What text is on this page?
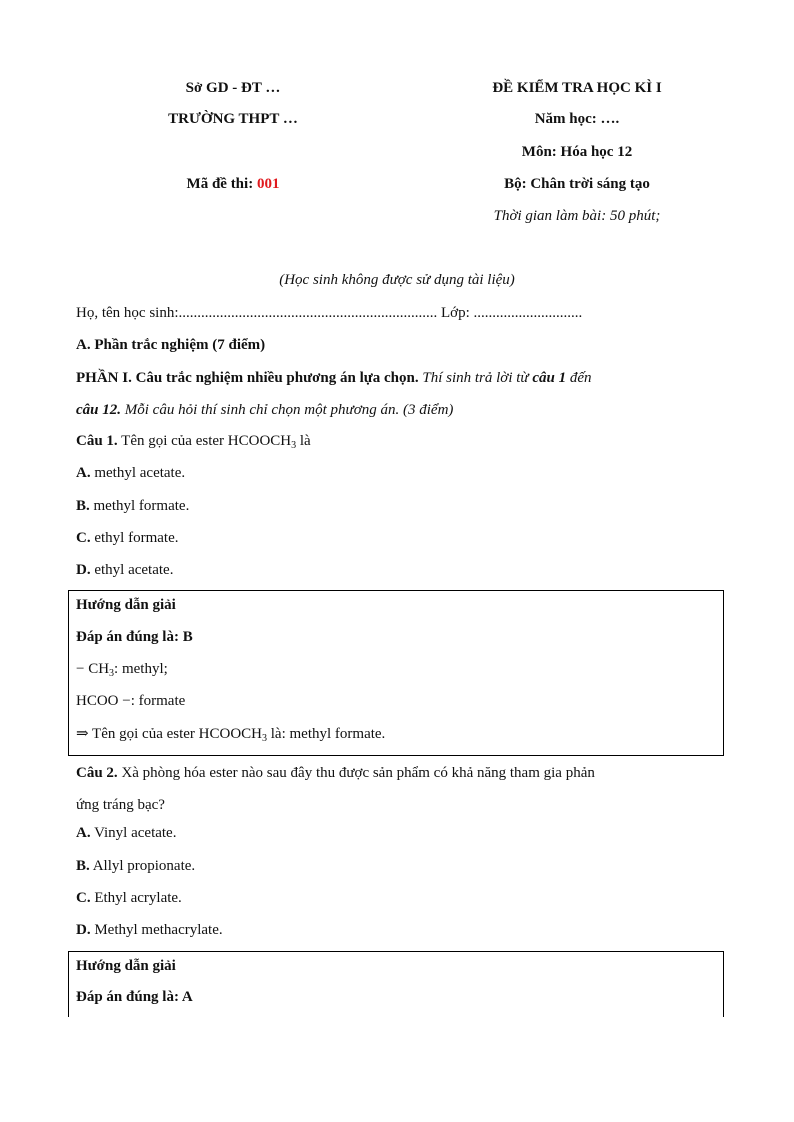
Sở GD - ĐT …
TRƯỜNG THPT …
Mã đề thi: 001
ĐỀ KIỂM TRA HỌC KÌ I
Năm học: ….
Môn: Hóa học 12
Bộ: Chân trời sáng tạo
Thời gian làm bài: 50 phút;
(Học sinh không được sử dụng tài liệu)
Họ, tên học sinh:..................................................................... Lớp: .............................
A. Phần trắc nghiệm (7 điểm)
PHẦN I. Câu trắc nghiệm nhiều phương án lựa chọn. Thí sinh trả lời từ câu 1 đến
câu 12. Mỗi câu hỏi thí sinh chỉ chọn một phương án. (3 điểm)
Câu 1. Tên gọi của ester $HCOOCH_3$ là
A. methyl acetate.
B. methyl formate.
C. ethyl formate.
D. ethyl acetate.
Hướng dẫn giải
Đáp án đúng là: B
− $CH_3$: methyl;
HCOO −: formate
⇒ Tên gọi của ester $HCOOCH_3$ là: methyl formate.
Câu 2. Xà phòng hóa ester nào sau đây thu được sản phẩm có khả năng tham gia phản
ứng tráng bạc?
A. Vinyl acetate.
B. Allyl propionate.
C. Ethyl acrylate.
D. Methyl methacrylate.
Hướng dẫn giải
Đáp án đúng là: A
